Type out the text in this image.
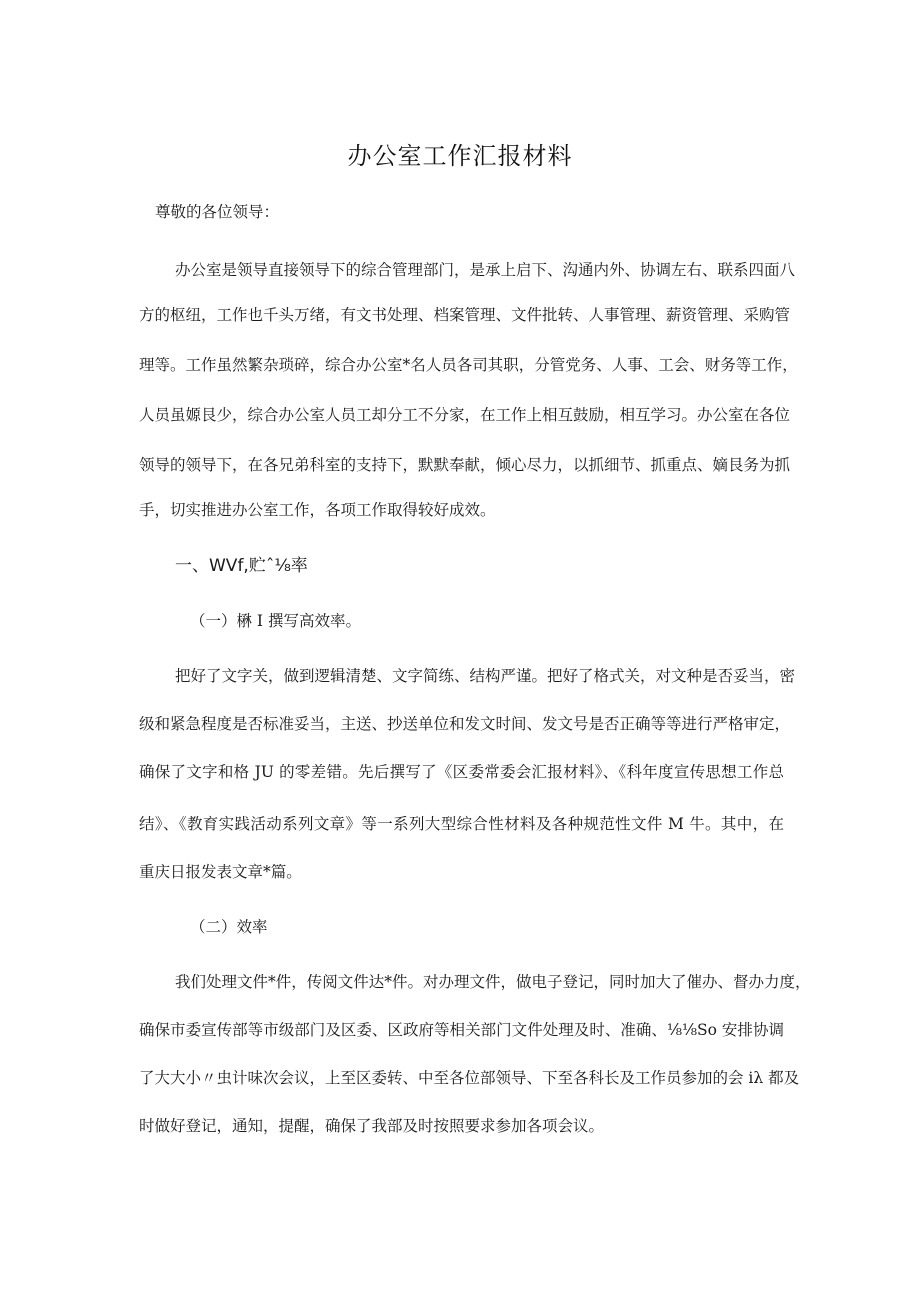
办公室工作汇报材料
尊敬的各位领导：
办公室是领导直接领导下的综合管理部门，是承上启下、沟通内外、协调左右、联系四面八
方的枢纽，工作也千头万绪，有文书处理、档案管理、文件批转、人事管理、薪资管理、采购管
理等。工作虽然繁杂琐碎，综合办公室*名人员各司其职，分管党务、人事、工会、财务等工作，
人员虽嫄艮少，综合办公室人员工却分工不分家，在工作上相互鼓励，相互学习。办公室在各位
领导的领导下，在各兄弟科室的支持下，默默奉献，倾心尽力，以抓细节、抓重点、嫡艮务为抓
手，切实推进办公室工作，各项工作取得较好成效。
一、WVf,贮ˆ⅛率
（一）楙 I 撰写高效率。
把好了文字关，做到逻辑清楚、文字简练、结构严谨。把好了格式关，对文种是否妥当，密
级和紧急程度是否标准妥当，主送、抄送单位和发文时间、发文号是否正确等等进行严格审定，
确保了文字和格 JU 的零差错。先后撰写了《区委常委会汇报材料》、《科年度宣传思想工作总
结》、《教育实践活动系列文章》等一系列大型综合性材料及各种规范性文件 M 牛。其中，在
重庆日报发表文章*篇。
（二）效率
我们处理文件*件，传阅文件达*件。对办理文件，做电子登记，同时加大了催办、督办力度，
确保市委宣传部等市级部门及区委、区政府等相关部门文件处理及时、准确、⅛⅛So 安排协调
了大大小〃虫计味次会议，上至区委转、中至各位部领导、下至各科长及工作员参加的会 iλ 都及
时做好登记，通知，提醒，确保了我部及时按照要求参加各项会议。
